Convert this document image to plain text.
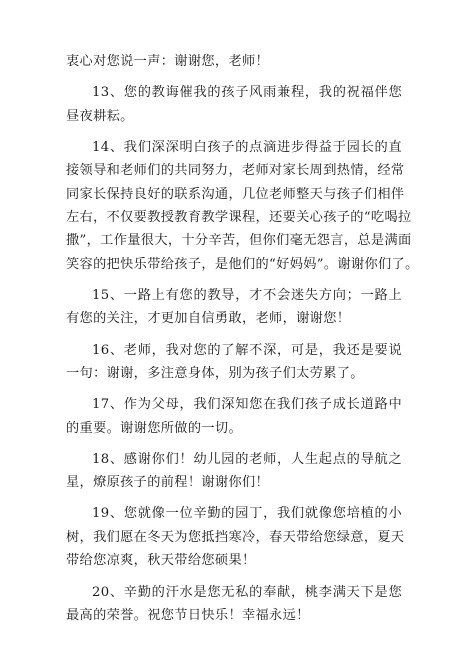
衷心对您说一声：谢谢您，老师！

13、您的教诲催我的孩子风雨兼程，我的祝福伴您
昼夜耕耘。

14、我们深深明白孩子的点滴进步得益于园长的直
接领导和老师们的共同努力，老师对家长周到热情，经常
同家长保持良好的联系沟通，几位老师整天与孩子们相伴
左右，不仅要教授教育教学课程，还要关心孩子的“吃喝拉
撒”，工作量很大，十分辛苦，但你们毫无怨言，总是满面
笑容的把快乐带给孩子，是他们的“好妈妈”。谢谢你们了。

15、一路上有您的教导，才不会迷失方向；一路上
有您的关注，才更加自信勇敢，老师，谢谢您！

16、老师，我对您的了解不深，可是，我还是要说
一句：谢谢，多注意身体，别为孩子们太劳累了。

17、作为父母，我们深知您在我们孩子成长道路中
的重要。谢谢您所做的一切。

18、感谢你们！幼儿园的老师，人生起点的导航之
星，燎原孩子的前程！谢谢你们！

19、您就像一位辛勤的园丁，我们就像您培植的小
树，我们愿在冬天为您抵挡寒冷，春天带给您绿意，夏天
带给您凉爽，秋天带给您硕果！

20、辛勤的汗水是您无私的奉献，桃李满天下是您
最高的荣誉。祝您节日快乐！幸福永远！
